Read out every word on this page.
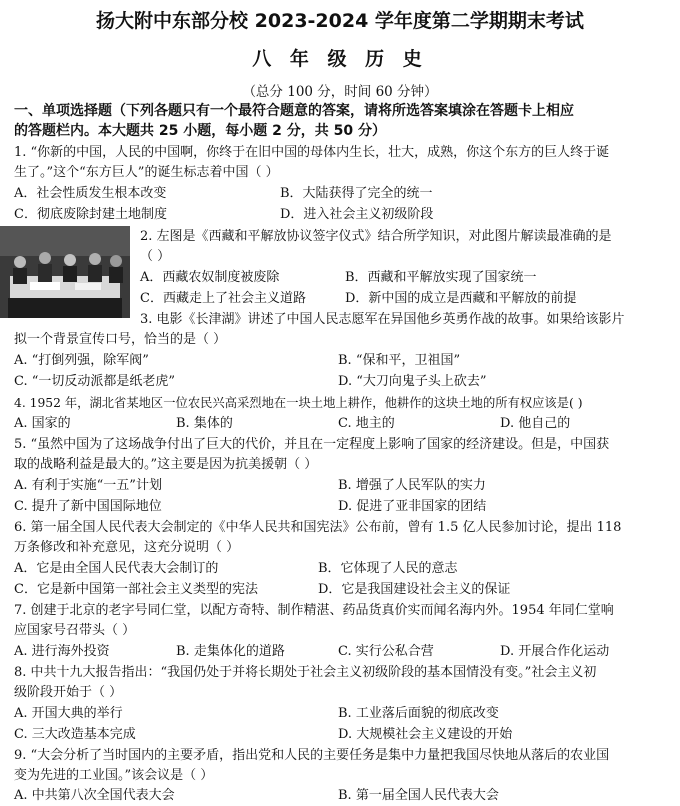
扬大附中东部分校 2023-2024 学年度第二学期期末考试
八 年 级 历 史
（总分 100 分，时间 60 分钟）
一、单项选择题（下列各题只有一个最符合题意的答案，请将所选答案填涂在答题卡上相应
的答题栏内。本大题共 25 小题，每小题 2 分，共 50 分）
1. “你新的中国，人民的中国啊，你终于在旧中国的母体内生长，壮大，成熟，你这个东方的巨人终于诞
生了。”这个“东方巨人”的诞生标志着中国（ ）
A．社会性质发生根本改变	B．大陆获得了完全的统一
C．彻底废除封建土地制度	D．进入社会主义初级阶段
2. 左图是《西藏和平解放协议签字仪式》结合所学知识，对此图片解读最准确的是
（ ）
A．西藏农奴制度被废除	B．西藏和平解放实现了国家统一
C．西藏走上了社会主义道路	D．新中国的成立是西藏和平解放的前提
3. 电影《长津湖》讲述了中国人民志愿军在异国他乡英勇作战的故事。如果给该影片
拟一个背景宣传口号，恰当的是（ ）
A. “打倒列强，除军阀”	B. “保和平，卫祖国”
C. “一切反动派都是纸老虎”	D. “大刀向鬼子头上砍去”
4. 1952 年，湖北省某地区一位农民兴高采烈地在一块土地上耕作，他耕作的这块土地的所有权应该是( )
A. 国家的	B. 集体的	C. 地主的	D. 他自己的
5. “虽然中国为了这场战争付出了巨大的代价，并且在一定程度上影响了国家的经济建设。但是，中国获
取的战略利益是最大的。”这主要是因为抗美援朝（ ）
A. 有利于实施“一五”计划	B. 增强了人民军队的实力
C. 提升了新中国国际地位	D. 促进了亚非国家的团结
6. 第一届全国人民代表大会制定的《中华人民共和国宪法》公布前，曾有 1.5 亿人民参加讨论，提出 118
万条修改和补充意见，这充分说明（ ）
A．它是由全国人民代表大会制订的	B．它体现了人民的意志
C．它是新中国第一部社会主义类型的宪法	D．它是我国建设社会主义的保证
7. 创建于北京的老字号同仁堂，以配方奇特、制作精湛、药品货真价实而闻名海内外。1954 年同仁堂响
应国家号召带头（ ）
A. 进行海外投资	B. 走集体化的道路	C. 实行公私合营	D. 开展合作化运动
8. 中共十九大报告指出：“我国仍处于并将长期处于社会主义初级阶段的基本国情没有变。”社会主义初
级阶段开始于（ ）
A. 开国大典的举行	B. 工业落后面貌的彻底改变
C. 三大改造基本完成	D. 大规模社会主义建设的开始
9. “大会分析了当时国内的主要矛盾，指出党和人民的主要任务是集中力量把我国尽快地从落后的农业国
变为先进的工业国。”该会议是（ ）
A. 中共第八次全国代表大会	B. 第一届全国人民代表大会
